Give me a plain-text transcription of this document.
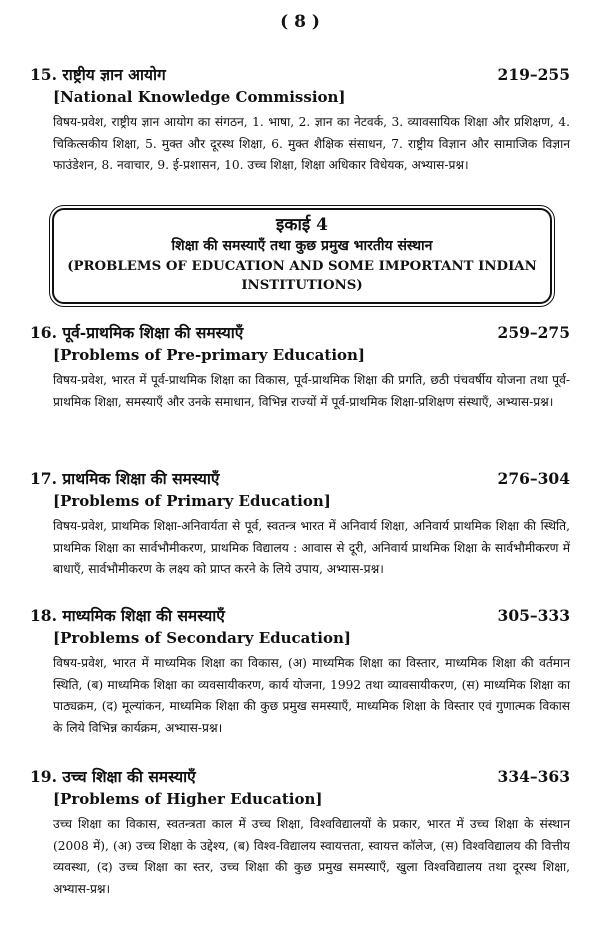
( 8 )
15. राष्ट्रीय ज्ञान आयोग	219–255
[National Knowledge Commission]
विषय-प्रवेश, राष्ट्रीय ज्ञान आयोग का संगठन, 1. भाषा, 2. ज्ञान का नेटवर्क, 3. व्यावसायिक शिक्षा और प्रशिक्षण, 4. चिकित्सकीय शिक्षा, 5. मुक्त और दूरस्थ शिक्षा, 6. मुक्त शैक्षिक संसाधन, 7. राष्ट्रीय विज्ञान और सामाजिक विज्ञान फाउंडेशन, 8. नवाचार, 9. ई-प्रशासन, 10. उच्च शिक्षा, शिक्षा अधिकार विधेयक, अभ्यास-प्रश्न।
इकाई 4
शिक्षा की समस्याएँ तथा कुछ प्रमुख भारतीय संस्थान
(PROBLEMS OF EDUCATION AND SOME IMPORTANT INDIAN INSTITUTIONS)
16. पूर्व-प्राथमिक शिक्षा की समस्याएँ	259–275
[Problems of Pre-primary Education]
विषय-प्रवेश, भारत में पूर्व-प्राथमिक शिक्षा का विकास, पूर्व-प्राथमिक शिक्षा की प्रगति, छठी पंचवर्षीय योजना तथा पूर्व-प्राथमिक शिक्षा, समस्याएँ और उनके समाधान, विभिन्न राज्यों में पूर्व-प्राथमिक शिक्षा-प्रशिक्षण संस्थाएँ, अभ्यास-प्रश्न।
17. प्राथमिक शिक्षा की समस्याएँ	276–304
[Problems of Primary Education]
विषय-प्रवेश, प्राथमिक शिक्षा-अनिवार्यता से पूर्व, स्वतन्त्र भारत में अनिवार्य शिक्षा, अनिवार्य प्राथमिक शिक्षा की स्थिति, प्राथमिक शिक्षा का सार्वभौमीकरण, प्राथमिक विद्यालय : आवास से दूरी, अनिवार्य प्राथमिक शिक्षा के सार्वभौमीकरण में बाधाएँ, सार्वभौमीकरण के लक्ष्य को प्राप्त करने के लिये उपाय, अभ्यास-प्रश्न।
18. माध्यमिक शिक्षा की समस्याएँ	305–333
[Problems of Secondary Education]
विषय-प्रवेश, भारत में माध्यमिक शिक्षा का विकास, (अ) माध्यमिक शिक्षा का विस्तार, माध्यमिक शिक्षा की वर्तमान स्थिति, (ब) माध्यमिक शिक्षा का व्यवसायीकरण, कार्य योजना, 1992 तथा व्यावसायीकरण, (स) माध्यमिक शिक्षा का पाठ्यक्रम, (द) मूल्यांकन, माध्यमिक शिक्षा की कुछ प्रमुख समस्याएँ, माध्यमिक शिक्षा के विस्तार एवं गुणात्मक विकास के लिये विभिन्न कार्यक्रम, अभ्यास-प्रश्न।
19. उच्च शिक्षा की समस्याएँ	334–363
[Problems of Higher Education]
उच्च शिक्षा का विकास, स्वतन्त्रता काल में उच्च शिक्षा, विश्वविद्यालयों के प्रकार, भारत में उच्च शिक्षा के संस्थान (2008 में), (अ) उच्च शिक्षा के उद्देश्य, (ब) विश्व-विद्यालय स्वायत्तता, स्वायत्त कॉलेज, (स) विश्वविद्यालय की वित्तीय व्यवस्था, (द) उच्च शिक्षा का स्तर, उच्च शिक्षा की कुछ प्रमुख समस्याएँ, खुला विश्वविद्यालय तथा दूरस्थ शिक्षा, अभ्यास-प्रश्न।
